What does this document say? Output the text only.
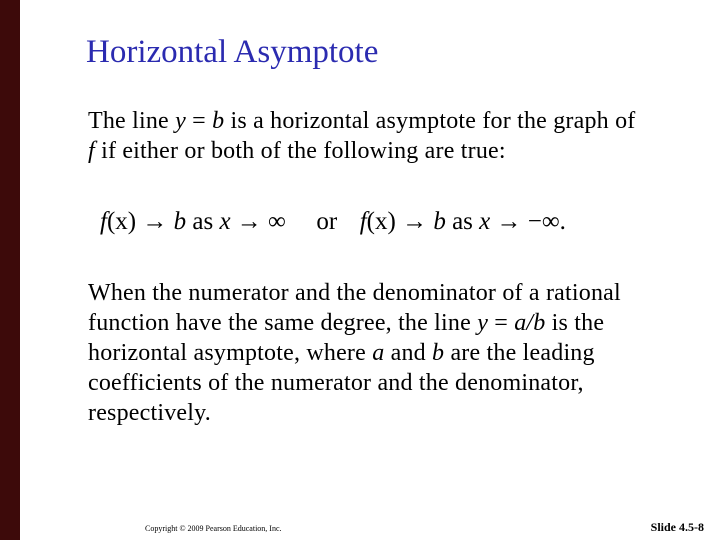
Horizontal Asymptote
The line y = b is a horizontal asymptote for the graph of f if either or both of the following are true:
f(x) → b as x → ∞ or f(x) → b as x → −∞.
When the numerator and the denominator of a rational function have the same degree, the line y = a/b is the horizontal asymptote, where a and b are the leading coefficients of the numerator and the denominator, respectively.
Copyright © 2009 Pearson Education, Inc.	Slide 4.5-8
